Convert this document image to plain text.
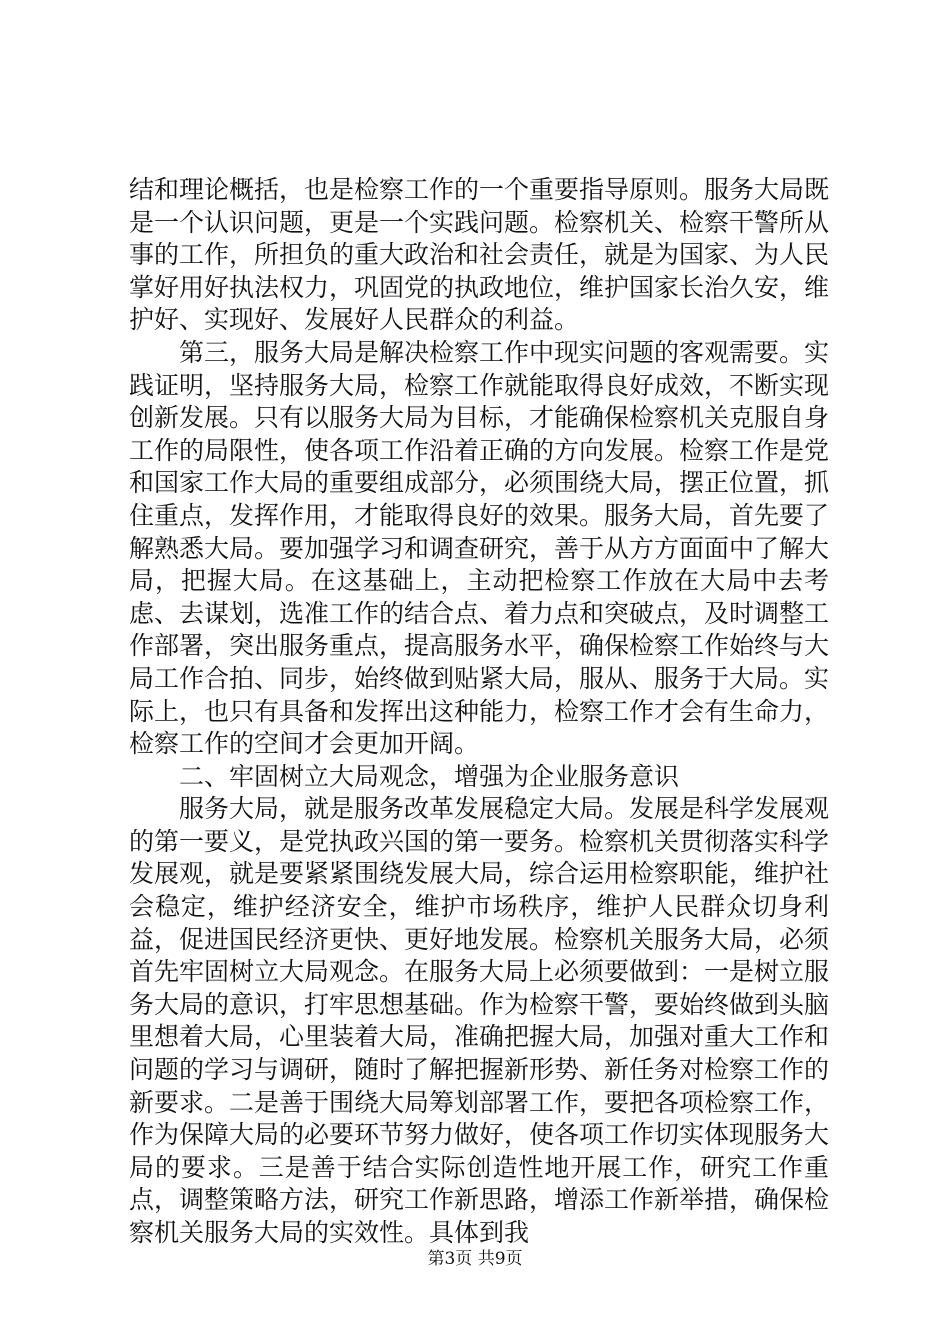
结和理论概括，也是检察工作的一个重要指导原则。服务大局既是一个认识问题，更是一个实践问题。检察机关、检察干警所从事的工作，所担负的重大政治和社会责任，就是为国家、为人民掌好用好执法权力，巩固党的执政地位，维护国家长治久安，维护好、实现好、发展好人民群众的利益。

第三，服务大局是解决检察工作中现实问题的客观需要。实践证明，坚持服务大局，检察工作就能取得良好成效，不断实现创新发展。只有以服务大局为目标，才能确保检察机关克服自身工作的局限性，使各项工作沿着正确的方向发展。检察工作是党和国家工作大局的重要组成部分，必须围绕大局，摆正位置，抓住重点，发挥作用，才能取得良好的效果。服务大局，首先要了解熟悉大局。要加强学习和调查研究，善于从方方面面中了解大局，把握大局。在这基础上，主动把检察工作放在大局中去考虑、去谋划，选准工作的结合点、着力点和突破点，及时调整工作部署，突出服务重点，提高服务水平，确保检察工作始终与大局工作合拍、同步，始终做到贴紧大局，服从、服务于大局。实际上，也只有具备和发挥出这种能力，检察工作才会有生命力，检察工作的空间才会更加开阔。

二、牢固树立大局观念，增强为企业服务意识

服务大局，就是服务改革发展稳定大局。发展是科学发展观的第一要义，是党执政兴国的第一要务。检察机关贯彻落实科学发展观，就是要紧紧围绕发展大局，综合运用检察职能，维护社会稳定，维护经济安全，维护市场秩序，维护人民群众切身利益，促进国民经济更快、更好地发展。检察机关服务大局，必须首先牢固树立大局观念。在服务大局上必须要做到：一是树立服务大局的意识，打牢思想基础。作为检察干警，要始终做到头脑里想着大局，心里装着大局，准确把握大局，加强对重大工作和问题的学习与调研，随时了解把握新形势、新任务对检察工作的新要求。二是善于围绕大局筹划部署工作，要把各项检察工作，作为保障大局的必要环节努力做好，使各项工作切实体现服务大局的要求。三是善于结合实际创造性地开展工作，研究工作重点，调整策略方法，研究工作新思路，增添工作新举措，确保检察机关服务大局的实效性。具体到我

第3页 共9页
